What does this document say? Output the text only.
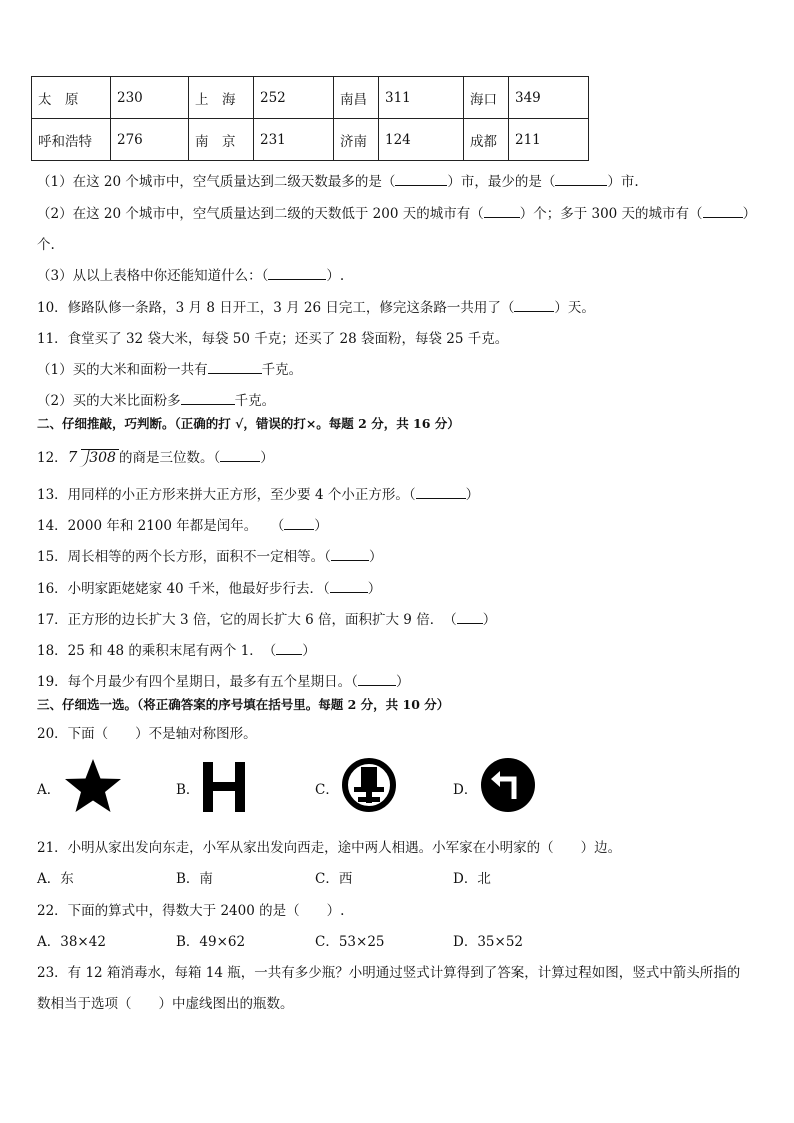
太　原	230	上　海	252	南昌	311	海口	349
呼和浩特	276	南　京	231	济南	124	成都	211
（1）在这 20 个城市中，空气质量达到二级天数最多的是（	）市，最少的是（	）市.
（2）在这 20 个城市中，空气质量达到二级的天数低于 200 天的城市有（	）个；多于 300 天的城市有（	）
个.
（3）从以上表格中你还能知道什么：（	）.
10．修路队修一条路，3 月 8 日开工，3 月 26 日完工，修完这条路一共用了（	）天。
11．食堂买了 32 袋大米，每袋 50 千克；还买了 28 袋面粉，每袋 25 千克。
（1）买的大米和面粉一共有	千克。
（2）买的大米比面粉多	千克。
二、仔细推敲，巧判断。（正确的打 √，错误的打×。每题 2 分，共 16 分）
12．7 308 的商是三位数。（	）
13．用同样的小正方形来拼大正方形，至少要 4 个小正方形。（	）
14．2000 年和 2100 年都是闰年。　　（ ）
15．周长相等的两个长方形，面积不一定相等。（	）
16．小明家距姥姥家 40 千米，他最好步行去．（	）
17．正方形的边长扩大 3 倍，它的周长扩大 6 倍，面积扩大 9 倍．　（ ）
18．25 和 48 的乘积末尾有两个 1．　（ ）
19．每个月最少有四个星期日，最多有五个星期日。（	）
三、仔细选一选。（将正确答案的序号填在括号里。每题 2 分，共 10 分）
20．下面（　　）不是轴对称图形。
A．	B．	C．	D．
21．小明从家出发向东走，小军从家出发向西走，途中两人相遇。小军家在小明家的（　　）边。
A．东	B．南	C．西	D．北
22．下面的算式中，得数大于 2400 的是（　　）.
A．38×42	B．49×62	C．53×25	D．35×52
23．有 12 箱消毒水，每箱 14 瓶，一共有多少瓶？小明通过竖式计算得到了答案，计算过程如图，竖式中箭头所指的
数相当于选项（　　）中虚线图出的瓶数。
